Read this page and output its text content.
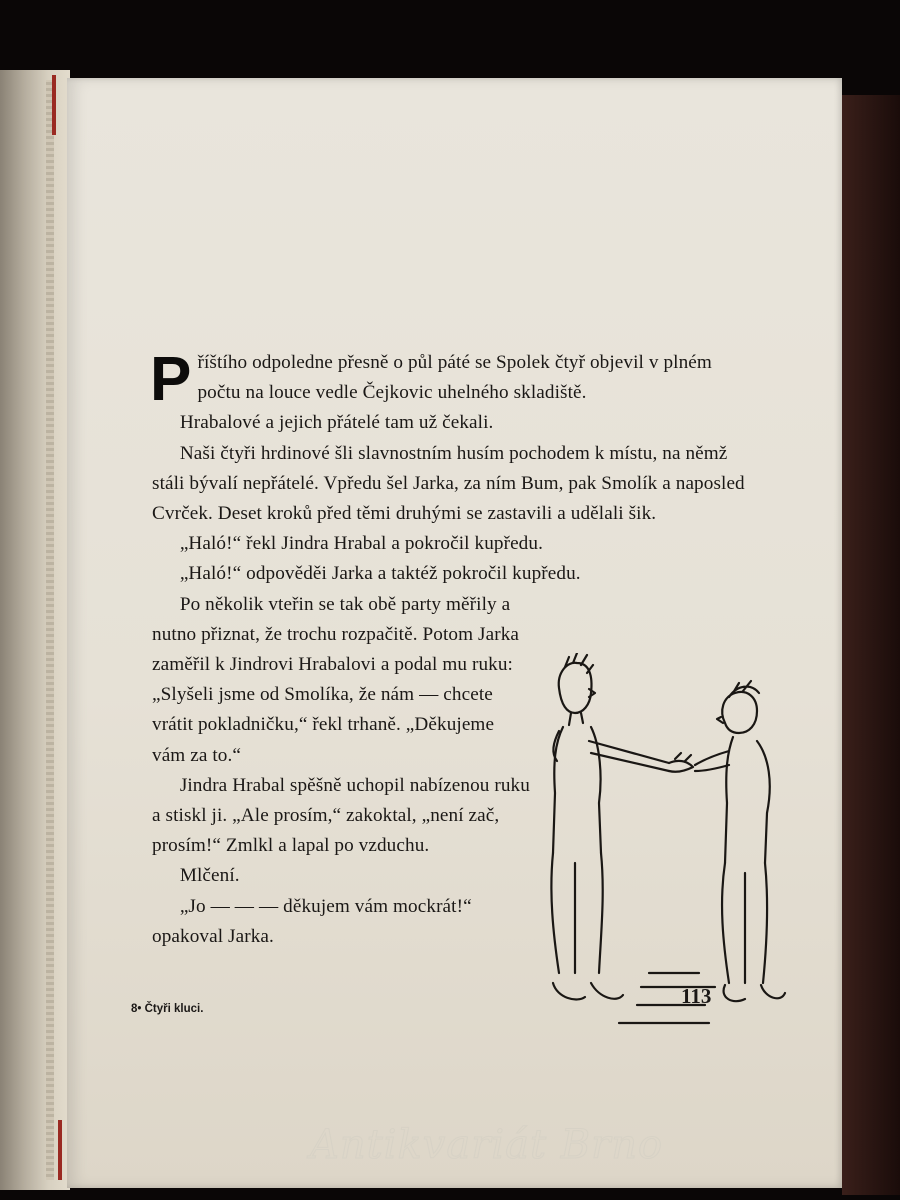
Příštího odpoledne přesně o půl páté se Spolek čtyř objevil v plném počtu na louce vedle Čejkovic uhelného skladiště.

Hrabalové a jejich přátelé tam už čekali.

Naši čtyři hrdinové šli slavnostním husím pochodem k místu, na němž stáli bývalí nepřátelé. Vpředu šel Jarka, za ním Bum, pak Smolík a naposled Cvrček. Deset kroků před těmi druhými se zastavili a udělali šik.

„Haló!“ řekl Jindra Hrabal a pokročil kupředu.

„Haló!“ odpověděi Jarka a taktéž pokročil kupředu.

Po několik vteřin se tak obě party měřily a nutno přiznat, že trochu rozpačitě. Potom Jarka zaměřil k Jindrovi Hrabalovi a podal mu ruku: „Slyšeli jsme od Smolíka, že nám — chcete vrátit pokladničku,“ řekl trhaně. „Děkujeme vám za to.“

Jindra Hrabal spěšně uchopil nabízenou ruku a stiskl ji. „Ale prosím,“ zakoktal, „není zač, prosím!“ Zmlkl a lapal po vzduchu.

Mlčení.

„Jo — — — děkujem vám mockrát!“ opakoval Jarka.

8• Čtyři kluci.
113
Antikvariát Brno
